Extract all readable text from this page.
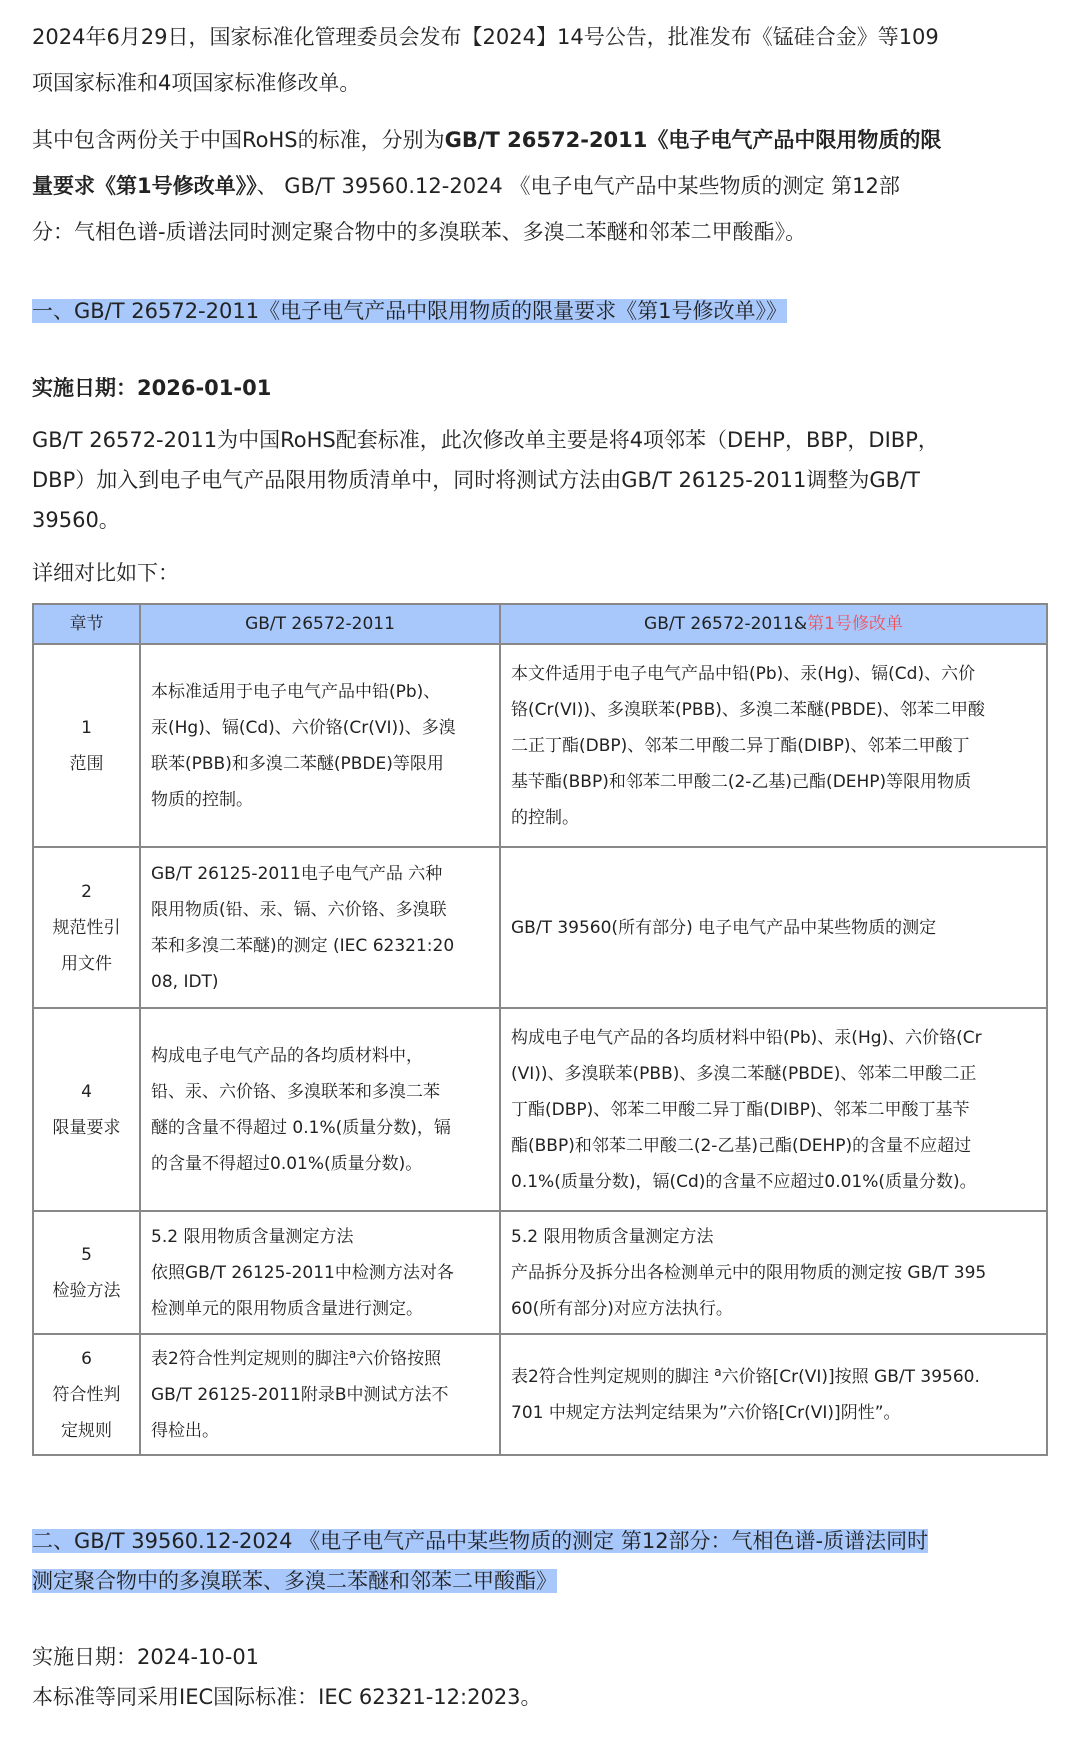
2024年6月29日，国家标准化管理委员会发布【2024】14号公告，批准发布《锰硅合金》等109
项国家标准和4项国家标准修改单。
其中包含两份关于中国RoHS的标准，分别为GB/T 26572-2011《电子电气产品中限用物质的限
量要求《第1号修改单》》、 GB/T 39560.12-2024 《电子电气产品中某些物质的测定 第12部
分：气相色谱-质谱法同时测定聚合物中的多溴联苯、多溴二苯醚和邻苯二甲酸酯》。
一、GB/T 26572-2011《电子电气产品中限用物质的限量要求《第1号修改单》》
实施日期：2026-01-01
GB/T 26572-2011为中国RoHS配套标准，此次修改单主要是将4项邻苯（DEHP，BBP，DIBP，
DBP）加入到电子电气产品限用物质清单中，同时将测试方法由GB/T 26125-2011调整为GB/T
39560。
详细对比如下：
章节	GB/T 26572-2011	GB/T 26572-2011&第1号修改单

1
范围	本标准适用于电子电气产品中铅(Pb)、
汞(Hg)、镉(Cd)、六价铬(Cr(VI))、多溴
联苯(PBB)和多溴二苯醚(PBDE)等限用
物质的控制。	本文件适用于电子电气产品中铅(Pb)、汞(Hg)、镉(Cd)、六价
铬(Cr(VI))、多溴联苯(PBB)、多溴二苯醚(PBDE)、邻苯二甲酸
二正丁酯(DBP)、邻苯二甲酸二异丁酯(DIBP)、邻苯二甲酸丁
基苄酯(BBP)和邻苯二甲酸二(2-乙基)己酯(DEHP)等限用物质
的控制。

2
规范性引
用文件	GB/T 26125-2011电子电气产品 六种
限用物质(铅、汞、镉、六价铬、多溴联
苯和多溴二苯醚)的测定 (IEC 62321:20
08, IDT)	GB/T 39560(所有部分) 电子电气产品中某些物质的测定

4
限量要求	构成电子电气产品的各均质材料中，
铅、汞、六价铬、多溴联苯和多溴二苯
醚的含量不得超过 0.1%(质量分数)，镉
的含量不得超过0.01%(质量分数)。	构成电子电气产品的各均质材料中铅(Pb)、汞(Hg)、六价铬(Cr
(VI))、多溴联苯(PBB)、多溴二苯醚(PBDE)、邻苯二甲酸二正
丁酯(DBP)、邻苯二甲酸二异丁酯(DIBP)、邻苯二甲酸丁基苄
酯(BBP)和邻苯二甲酸二(2-乙基)己酯(DEHP)的含量不应超过
0.1%(质量分数)，镉(Cd)的含量不应超过0.01%(质量分数)。

5
检验方法	5.2 限用物质含量测定方法
依照GB/T 26125-2011中检测方法对各
检测单元的限用物质含量进行测定。	5.2 限用物质含量测定方法
产品拆分及拆分出各检测单元中的限用物质的测定按 GB/T 395
60(所有部分)对应方法执行。

6
符合性判
定规则	表2符合性判定规则的脚注$^a$六价铬按照
GB/T 26125-2011附录B中测试方法不
得检出。	表2符合性判定规则的脚注 $^a$六价铬[Cr(VI)]按照 GB/T 39560.
701 中规定方法判定结果为”六价铬[Cr(VI)]阴性”。
二、GB/T 39560.12-2024 《电子电气产品中某些物质的测定 第12部分：气相色谱-质谱法同时
测定聚合物中的多溴联苯、多溴二苯醚和邻苯二甲酸酯》
实施日期：2024-10-01
本标准等同采用IEC国际标准：IEC 62321-12:2023。
